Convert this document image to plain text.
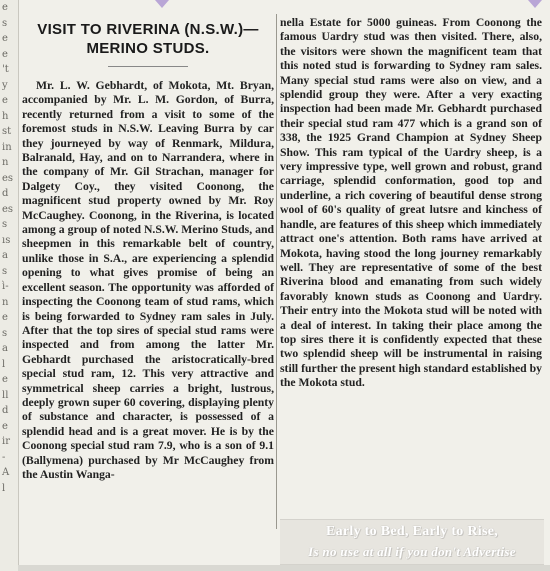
e
s
e
e
't
y
e
h
st
in
n
es
d
es
s
ıs
a
s
ì-
n
e
s
a
l
e
ll
d
e
ir
-
A
l
VISIT TO RIVERINA (N.S.W.)— MERINO STUDS.

Mr. L. W. Gebhardt, of Mokota, Mt. Bryan, accompanied by Mr. L. M. Gordon, of Burra, recently returned from a visit to some of the foremost studs in N.S.W. Leaving Burra by car they journeyed by way of Renmark, Mildura, Balranald, Hay, and on to Narrandera, where in the company of Mr. Gil Strachan, manager for Dalgety Coy., they visited Coonong, the magnificent stud property owned by Mr. Roy McCaughey. Coonong, in the Riverina, is located among a group of noted N.S.W. Merino Studs, and sheepmen in this remarkable belt of country, unlike those in S.A., are experiencing a splendid opening to what gives promise of being an excellent season. The opportunity was afforded of inspecting the Coonong team of stud rams, which is being forwarded to Sydney ram sales in July. After that the top sires of special stud rams were inspected and from among the latter Mr. Gebhardt purchased the aristocratically-bred special stud ram, 12. This very attractive and symmetrical sheep carries a bright, lustrous, deeply grown super 60 covering, displaying plenty of substance and character, is possessed of a splendid head and is a great mover. He is by the Coonong special stud ram 7.9, who is a son of 9.1 (Ballymena) purchased by Mr McCaughey from the Austin Wanga-

nella Estate for 5000 guineas. From Coonong the famous Uardry stud was then visited. There, also, the visitors were shown the magnificent team that this noted stud is forwarding to Sydney ram sales. Many special stud rams were also on view, and a splendid group they were. After a very exacting inspection had been made Mr. Gebhardt purchased their special stud ram 477 which is a grand son of 338, the 1925 Grand Champion at Sydney Sheep Show. This ram typical of the Uardry sheep, is a very impressive type, well grown and robust, grand carriage, splendid conformation, good top and underline, a rich covering of beautiful dense strong wool of 60's quality of great lutsre and kinchess of handle, are features of this sheep which immediately attract one's attention. Both rams have arrived at Mokota, having stood the long journey remarkably well. They are representative of some of the best Riverina blood and emanating from such widely favorably known studs as Coonong and Uardry. Their entry into the Mokota stud will be noted with a deal of interest. In taking their place among the top sires there it is confidently expected that these two splendid sheep will be instrumental in raising still further the present high standard established by the Mokota stud.

Early to Bed, Early to Rise,
Is no use at all if you don't Advertise
